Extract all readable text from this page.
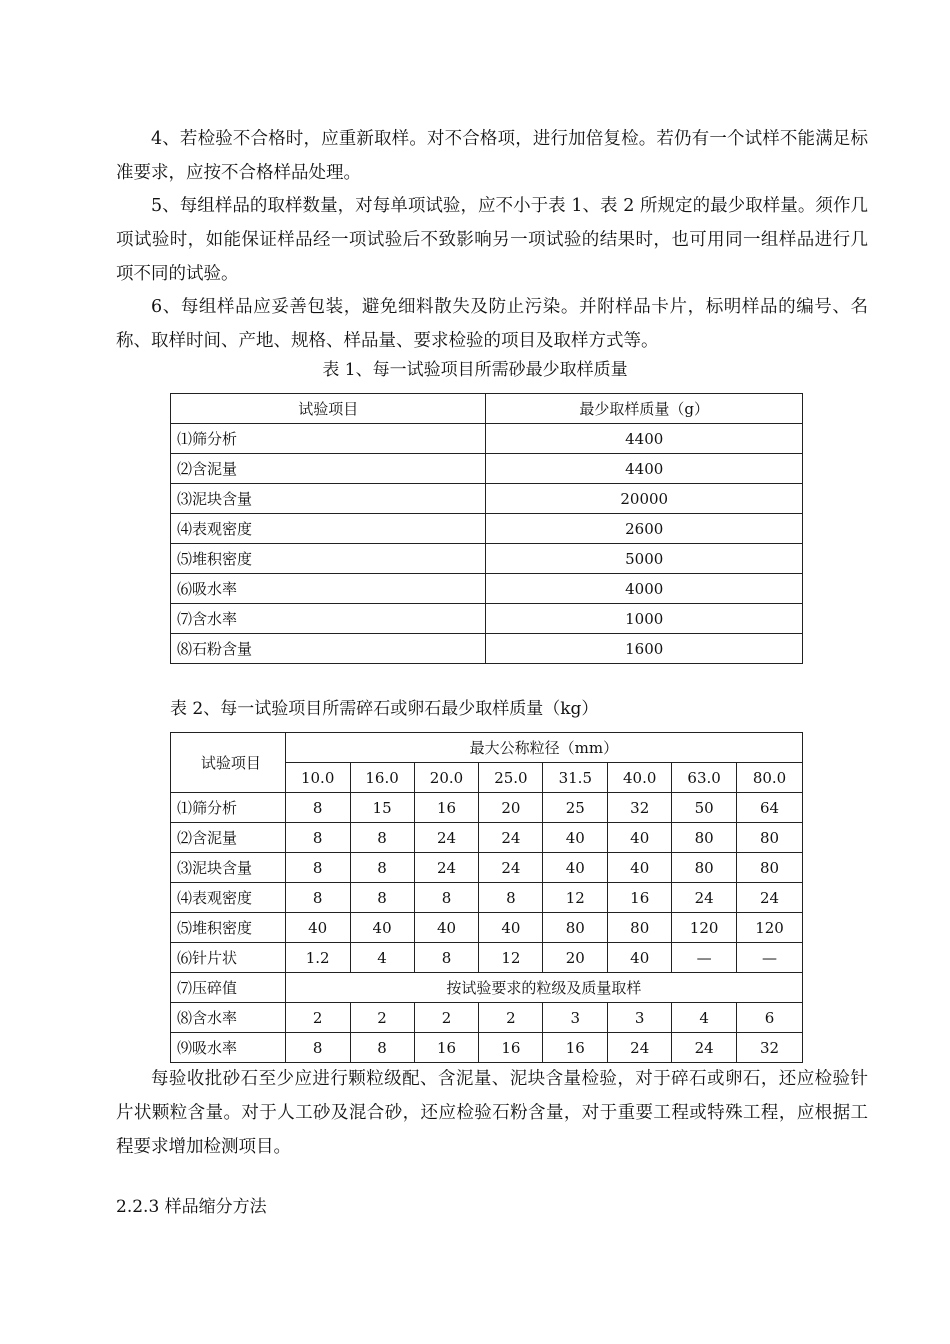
4、若检验不合格时，应重新取样。对不合格项，进行加倍复检。若仍有一个试样不能满足标准要求，应按不合格样品处理。

5、每组样品的取样数量，对每单项试验，应不小于表 1、表 2 所规定的最少取样量。须作几项试验时，如能保证样品经一项试验后不致影响另一项试验的结果时，也可用同一组样品进行几项不同的试验。

6、每组样品应妥善包装，避免细料散失及防止污染。并附样品卡片，标明样品的编号、名称、取样时间、产地、规格、样品量、要求检验的项目及取样方式等。

表 1、每一试验项目所需砂最少取样质量

试验项目	最少取样质量（g）
⑴筛分析	4400
⑵含泥量	4400
⑶泥块含量	20000
⑷表观密度	2600
⑸堆积密度	5000
⑹吸水率	4000
⑺含水率	1000
⑻石粉含量	1600

表 2、每一试验项目所需碎石或卵石最少取样质量（kg）

试验项目	最大公称粒径（mm）							
	10.0	16.0	20.0	25.0	31.5	40.0	63.0	80.0
⑴筛分析	8	15	16	20	25	32	50	64
⑵含泥量	8	8	24	24	40	40	80	80
⑶泥块含量	8	8	24	24	40	40	80	80
⑷表观密度	8	8	8	8	12	16	24	24
⑸堆积密度	40	40	40	40	80	80	120	120
⑹针片状	1.2	4	8	12	20	40	—	—
⑺压碎值	按试验要求的粒级及质量取样							
⑻含水率	2	2	2	2	3	3	4	6
⑼吸水率	8	8	16	16	16	24	24	32

每验收批砂石至少应进行颗粒级配、含泥量、泥块含量检验，对于碎石或卵石，还应检验针片状颗粒含量。对于人工砂及混合砂，还应检验石粉含量，对于重要工程或特殊工程，应根据工程要求增加检测项目。

2.2.3 样品缩分方法
